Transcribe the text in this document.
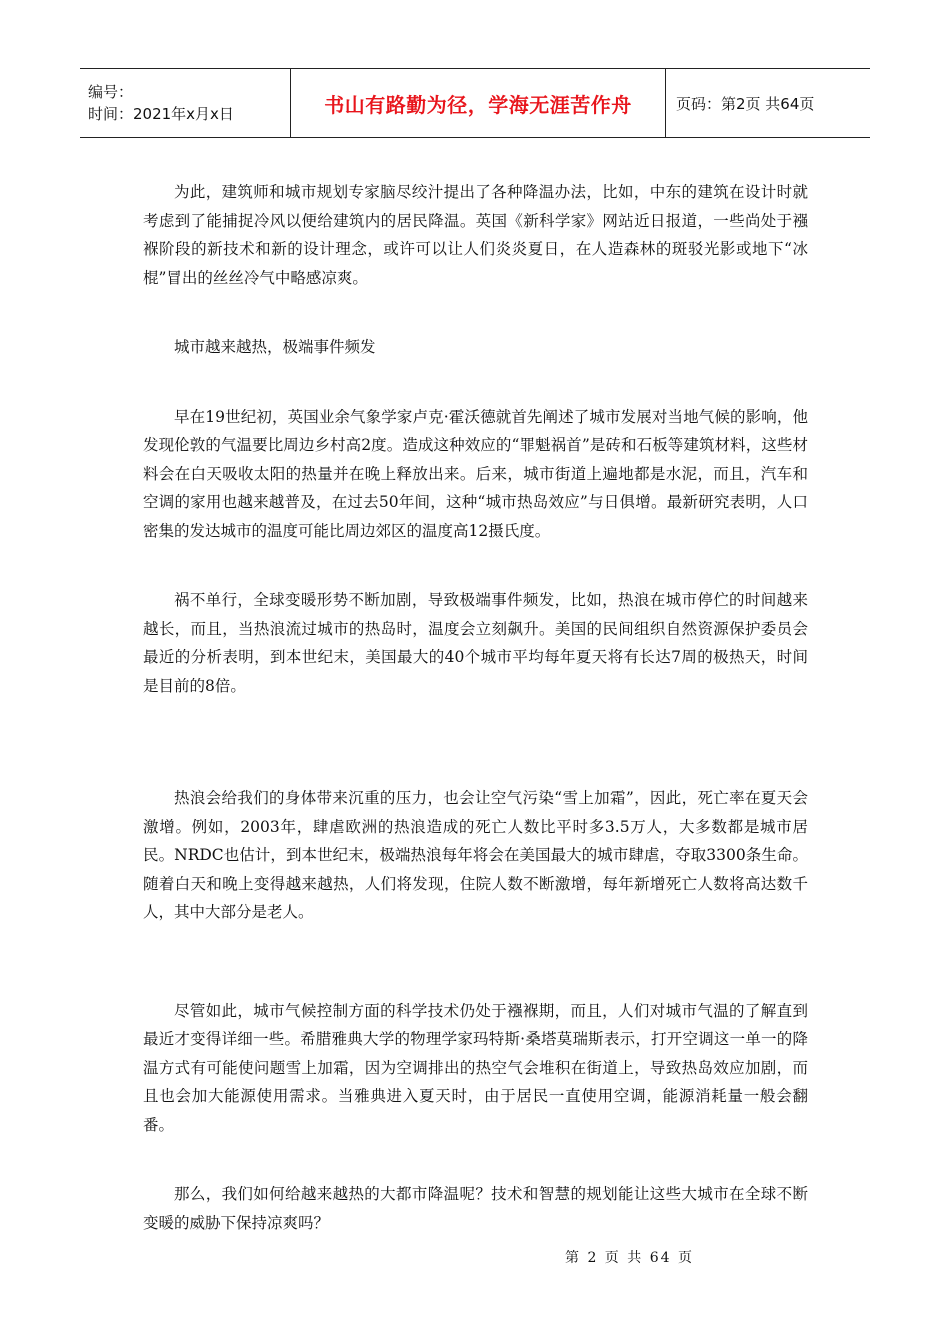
编号：
时间：2021年x月x日	书山有路勤为径，学海无涯苦作舟	页码：第2页 共64页

为此，建筑师和城市规划专家脑尽绞汁提出了各种降温办法，比如，中东的建筑在设计时就考虑到了能捕捉冷风以便给建筑内的居民降温。英国《新科学家》网站近日报道，一些尚处于襁褓阶段的新技术和新的设计理念，或许可以让人们炎炎夏日，在人造森林的斑驳光影或地下“冰棍”冒出的丝丝冷气中略感凉爽。

城市越来越热，极端事件频发

早在19世纪初，英国业余气象学家卢克·霍沃德就首先阐述了城市发展对当地气候的影响，他发现伦敦的气温要比周边乡村高2度。造成这种效应的“罪魁祸首”是砖和石板等建筑材料，这些材料会在白天吸收太阳的热量并在晚上释放出来。后来，城市街道上遍地都是水泥，而且，汽车和空调的家用也越来越普及，在过去50年间，这种“城市热岛效应”与日俱增。最新研究表明，人口密集的发达城市的温度可能比周边郊区的温度高12摄氏度。

祸不单行，全球变暖形势不断加剧，导致极端事件频发，比如，热浪在城市停伫的时间越来越长，而且，当热浪流过城市的热岛时，温度会立刻飙升。美国的民间组织自然资源保护委员会最近的分析表明，到本世纪末，美国最大的40个城市平均每年夏天将有长达7周的极热天，时间是目前的8倍。

热浪会给我们的身体带来沉重的压力，也会让空气污染“雪上加霜”，因此，死亡率在夏天会激增。例如，2003年，肆虐欧洲的热浪造成的死亡人数比平时多3.5万人，大多数都是城市居民。NRDC也估计，到本世纪末，极端热浪每年将会在美国最大的城市肆虐，夺取3300条生命。随着白天和晚上变得越来越热，人们将发现，住院人数不断激增，每年新增死亡人数将高达数千人，其中大部分是老人。

尽管如此，城市气候控制方面的科学技术仍处于襁褓期，而且，人们对城市气温的了解直到最近才变得详细一些。希腊雅典大学的物理学家玛特斯·桑塔莫瑞斯表示，打开空调这一单一的降温方式有可能使问题雪上加霜，因为空调排出的热空气会堆积在街道上，导致热岛效应加剧，而且也会加大能源使用需求。当雅典进入夏天时，由于居民一直使用空调，能源消耗量一般会翻番。

那么，我们如何给越来越热的大都市降温呢？技术和智慧的规划能让这些大城市在全球不断变暖的威胁下保持凉爽吗？

第 2 页 共 64 页
